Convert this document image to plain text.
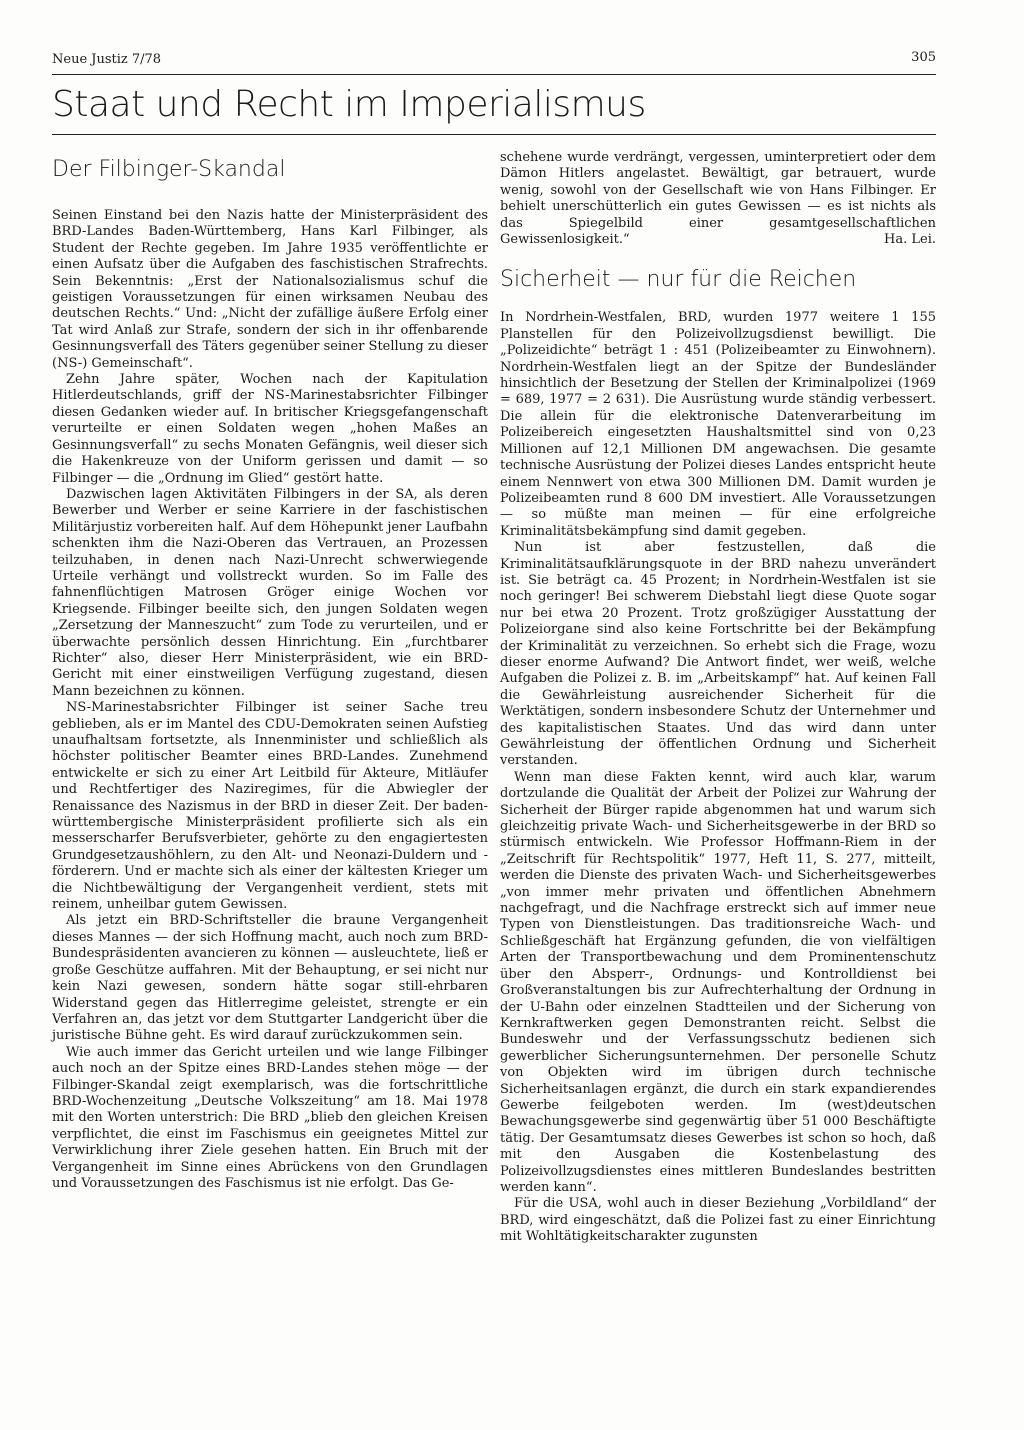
Neue Justiz 7/78	305
Staat und Recht im Imperialismus
Der Filbinger-Skandal

Seinen Einstand bei den Nazis hatte der Ministerpräsident des BRD-Landes Baden-Württemberg, Hans Karl Filbinger, als Student der Rechte gegeben. Im Jahre 1935 veröffentlichte er einen Aufsatz über die Aufgaben des faschistischen Strafrechts. Sein Bekenntnis: „Erst der Nationalsozialismus schuf die geistigen Voraussetzungen für einen wirksamen Neubau des deutschen Rechts.“ Und: „Nicht der zufällige äußere Erfolg einer Tat wird Anlaß zur Strafe, sondern der sich in ihr offenbarende Gesinnungsverfall des Täters gegenüber seiner Stellung zu dieser (NS-) Gemeinschaft“.

Zehn Jahre später, Wochen nach der Kapitulation Hitlerdeutschlands, griff der NS-Marinestabsrichter Filbinger diesen Gedanken wieder auf. In britischer Kriegsgefangenschaft verurteilte er einen Soldaten wegen „hohen Maßes an Gesinnungsverfall“ zu sechs Monaten Gefängnis, weil dieser sich die Hakenkreuze von der Uniform gerissen und damit — so Filbinger — die „Ordnung im Glied“ gestört hatte.

Dazwischen lagen Aktivitäten Filbingers in der SA, als deren Bewerber und Werber er seine Karriere in der faschistischen Militärjustiz vorbereiten half. Auf dem Höhepunkt jener Laufbahn schenkten ihm die Nazi-Oberen das Vertrauen, an Prozessen teilzuhaben, in denen nach Nazi-Unrecht schwerwiegende Urteile verhängt und vollstreckt wurden. So im Falle des fahnenflüchtigen Matrosen Gröger einige Wochen vor Kriegsende. Filbinger beeilte sich, den jungen Soldaten wegen „Zersetzung der Manneszucht“ zum Tode zu verurteilen, und er überwachte persönlich dessen Hinrichtung. Ein „furchtbarer Richter“ also, dieser Herr Ministerpräsident, wie ein BRD-Gericht mit einer einstweiligen Verfügung zugestand, diesen Mann bezeichnen zu können.

NS-Marinestabsrichter Filbinger ist seiner Sache treu geblieben, als er im Mantel des CDU-Demokraten seinen Aufstieg unaufhaltsam fortsetzte, als Innenminister und schließlich als höchster politischer Beamter eines BRD-Landes. Zunehmend entwickelte er sich zu einer Art Leitbild für Akteure, Mitläufer und Rechtfertiger des Naziregimes, für die Abwiegler der Renaissance des Nazismus in der BRD in dieser Zeit. Der baden-württembergische Ministerpräsident profilierte sich als ein messerscharfer Berufsverbieter, gehörte zu den engagiertesten Grundgesetzaushöhlern, zu den Alt- und Neonazi-Duldern und -förderern. Und er machte sich als einer der kältesten Krieger um die Nichtbewältigung der Vergangenheit verdient, stets mit reinem, unheilbar gutem Gewissen.

Als jetzt ein BRD-Schriftsteller die braune Vergangenheit dieses Mannes — der sich Hoffnung macht, auch noch zum BRD-Bundespräsidenten avancieren zu können — ausleuchtete, ließ er große Geschütze auffahren. Mit der Behauptung, er sei nicht nur kein Nazi gewesen, sondern hätte sogar still-ehrbaren Widerstand gegen das Hitlerregime geleistet, strengte er ein Verfahren an, das jetzt vor dem Stuttgarter Landgericht über die juristische Bühne geht. Es wird darauf zurückzukommen sein.

Wie auch immer das Gericht urteilen und wie lange Filbinger auch noch an der Spitze eines BRD-Landes stehen möge — der Filbinger-Skandal zeigt exemplarisch, was die fortschrittliche BRD-Wochenzeitung „Deutsche Volkszeitung“ am 18. Mai 1978 mit den Worten unterstrich: Die BRD „blieb den gleichen Kreisen verpflichtet, die einst im Faschismus ein geeignetes Mittel zur Verwirklichung ihrer Ziele gesehen hatten. Ein Bruch mit der Vergangenheit im Sinne eines Abrückens von den Grundlagen und Voraussetzungen des Faschismus ist nie erfolgt. Das Ge-

schehene wurde verdrängt, vergessen, uminterpretiert oder dem Dämon Hitlers angelastet. Bewältigt, gar betrauert, wurde wenig, sowohl von der Gesellschaft wie von Hans Filbinger. Er behielt unerschütterlich ein gutes Gewissen — es ist nichts als das Spiegelbild einer gesamtgesellschaftlichen Gewissenlosigkeit.“	Ha. Lei.

Sicherheit — nur für die Reichen

In Nordrhein-Westfalen, BRD, wurden 1977 weitere 1 155 Planstellen für den Polizeivollzugsdienst bewilligt. Die „Polizeidichte“ beträgt 1 : 451 (Polizeibeamter zu Einwohnern). Nordrhein-Westfalen liegt an der Spitze der Bundesländer hinsichtlich der Besetzung der Stellen der Kriminalpolizei (1969 = 689, 1977 = 2 631). Die Ausrüstung wurde ständig verbessert. Die allein für die elektronische Datenverarbeitung im Polizeibereich eingesetzten Haushaltsmittel sind von 0,23 Millionen auf 12,1 Millionen DM angewachsen. Die gesamte technische Ausrüstung der Polizei dieses Landes entspricht heute einem Nennwert von etwa 300 Millionen DM. Damit wurden je Polizeibeamten rund 8 600 DM investiert. Alle Voraussetzungen — so müßte man meinen — für eine erfolgreiche Kriminalitätsbekämpfung sind damit gegeben.

Nun ist aber festzustellen, daß die Kriminalitätsaufklärungsquote in der BRD nahezu unverändert ist. Sie beträgt ca. 45 Prozent; in Nordrhein-Westfalen ist sie noch geringer! Bei schwerem Diebstahl liegt diese Quote sogar nur bei etwa 20 Prozent. Trotz großzügiger Ausstattung der Polizeiorgane sind also keine Fortschritte bei der Bekämpfung der Kriminalität zu verzeichnen. So erhebt sich die Frage, wozu dieser enorme Aufwand? Die Antwort findet, wer weiß, welche Aufgaben die Polizei z. B. im „Arbeitskampf“ hat. Auf keinen Fall die Gewährleistung ausreichender Sicherheit für die Werktätigen, sondern insbesondere Schutz der Unternehmer und des kapitalistischen Staates. Und das wird dann unter Gewährleistung der öffentlichen Ordnung und Sicherheit verstanden.

Wenn man diese Fakten kennt, wird auch klar, warum dortzulande die Qualität der Arbeit der Polizei zur Wahrung der Sicherheit der Bürger rapide abgenommen hat und warum sich gleichzeitig private Wach- und Sicherheitsgewerbe in der BRD so stürmisch entwickeln. Wie Professor Hoffmann-Riem in der „Zeitschrift für Rechtspolitik“ 1977, Heft 11, S. 277, mitteilt, werden die Dienste des privaten Wach- und Sicherheitsgewerbes „von immer mehr privaten und öffentlichen Abnehmern nachgefragt, und die Nachfrage erstreckt sich auf immer neue Typen von Dienstleistungen. Das traditionsreiche Wach- und Schließgeschäft hat Ergänzung gefunden, die von vielfältigen Arten der Transportbewachung und dem Prominentenschutz über den Absperr-, Ordnungs- und Kontrolldienst bei Großveranstaltungen bis zur Aufrechterhaltung der Ordnung in der U-Bahn oder einzelnen Stadtteilen und der Sicherung von Kernkraftwerken gegen Demonstranten reicht. Selbst die Bundeswehr und der Verfassungsschutz bedienen sich gewerblicher Sicherungsunternehmen. Der personelle Schutz von Objekten wird im übrigen durch technische Sicherheitsanlagen ergänzt, die durch ein stark expandierendes Gewerbe feilgeboten werden. Im (west)deutschen Bewachungsgewerbe sind gegenwärtig über 51 000 Beschäftigte tätig. Der Gesamtumsatz dieses Gewerbes ist schon so hoch, daß mit den Ausgaben die Kostenbelastung des Polizeivollzugsdienstes eines mittleren Bundeslandes bestritten werden kann“.

Für die USA, wohl auch in dieser Beziehung „Vorbildland“ der BRD, wird eingeschätzt, daß die Polizei fast zu einer Einrichtung mit Wohltätigkeitscharakter zugunsten
